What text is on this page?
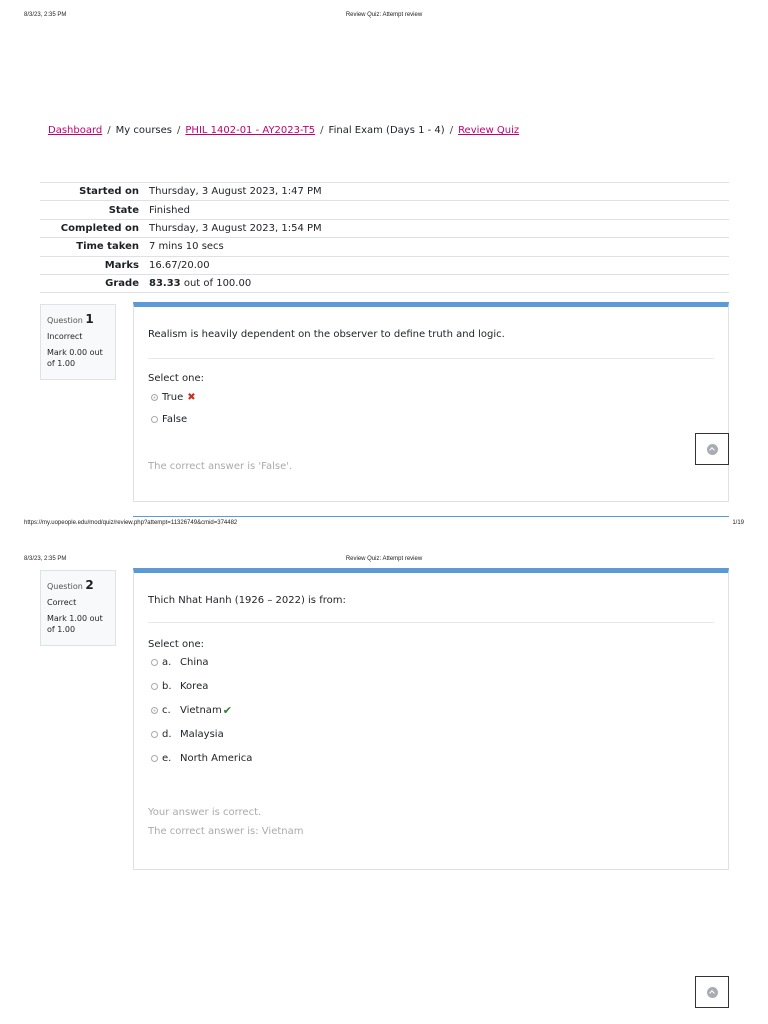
8/3/23, 2:35 PM	Review Quiz: Attempt review
Dashboard / My courses / PHIL 1402-01 - AY2023-T5 / Final Exam (Days 1 - 4) / Review Quiz
Started on	Thursday, 3 August 2023, 1:47 PM
State	Finished
Completed on	Thursday, 3 August 2023, 1:54 PM
Time taken	7 mins 10 secs
Marks	16.67/20.00
Grade	83.33 out of 100.00
Question 1
Incorrect
Mark 0.00 out of 1.00
Realism is heavily dependent on the observer to define truth and logic.
Select one:
True ✖
False
The correct answer is 'False'.
https://my.uopeople.edu/mod/quiz/review.php?attempt=11326749&cmid=374482	1/19
8/3/23, 2:35 PM	Review Quiz: Attempt review
Question 2
Correct
Mark 1.00 out of 1.00
Thich Nhat Hanh (1926 – 2022) is from:
Select one:
a. China
b. Korea
c. Vietnam ✔
d. Malaysia
e. North America
Your answer is correct.
The correct answer is: Vietnam
